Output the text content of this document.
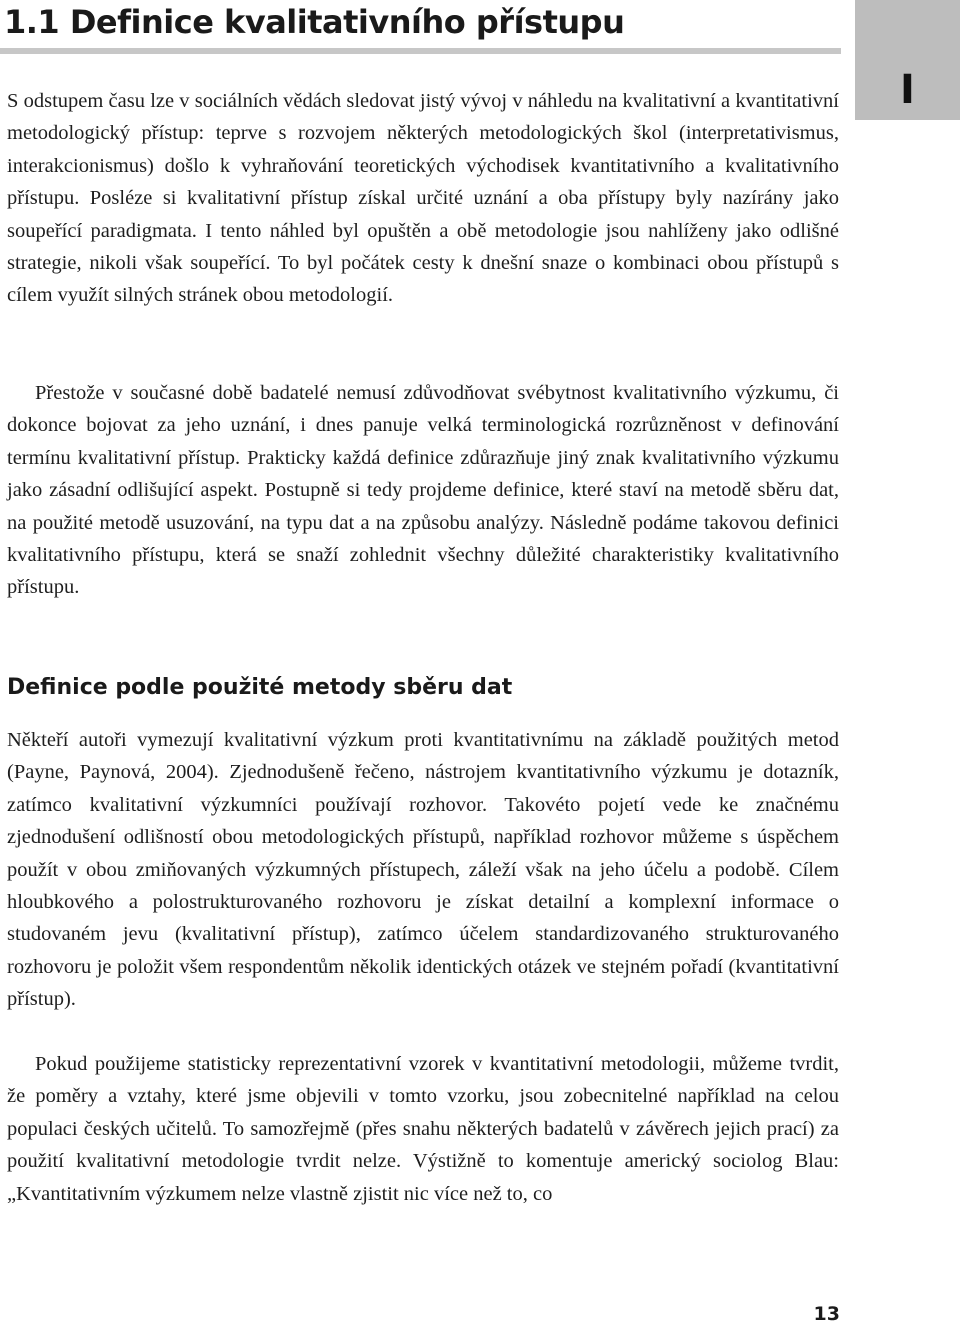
1.1 Definice kvalitativního přístupu
I

S odstupem času lze v sociálních vědách sledovat jistý vývoj v náhledu na kvalitativní a kvantitativní metodologický přístup: teprve s rozvojem některých metodologických škol (interpretativismus, interakcionismus) došlo k vyhraňování teoretických východisek kvantitativního a kvalitativního přístupu. Posléze si kvalitativní přístup získal určité uznání a oba přístupy byly nazírány jako soupeřící paradigmata. I tento náhled byl opuštěn a obě metodologie jsou nahlíženy jako odlišné strategie, nikoli však soupeřící. To byl počátek cesty k dnešní snaze o kombinaci obou přístupů s cílem využít silných stránek obou metodologií.

Přestože v současné době badatelé nemusí zdůvodňovat svébytnost kvalitativního výzkumu, či dokonce bojovat za jeho uznání, i dnes panuje velká terminologická rozrůzněnost v definování termínu kvalitativní přístup. Prakticky každá definice zdůrazňuje jiný znak kvalitativního výzkumu jako zásadní odlišující aspekt. Postupně si tedy projdeme definice, které staví na metodě sběru dat, na použité metodě usuzování, na typu dat a na způsobu analýzy. Následně podáme takovou definici kvalitativního přístupu, která se snaží zohlednit všechny důležité charakteristiky kvalitativního přístupu.

Definice podle použité metody sběru dat

Někteří autoři vymezují kvalitativní výzkum proti kvantitativnímu na základě použitých metod (Payne, Paynová, 2004). Zjednodušeně řečeno, nástrojem kvantitativního výzkumu je dotazník, zatímco kvalitativní výzkumníci používají rozhovor. Takovéto pojetí vede ke značnému zjednodušení odlišností obou metodologických přístupů, například rozhovor můžeme s úspěchem použít v obou zmiňovaných výzkumných přístupech, záleží však na jeho účelu a podobě. Cílem hloubkového a polostrukturovaného rozhovoru je získat detailní a komplexní informace o studovaném jevu (kvalitativní přístup), zatímco účelem standardizovaného strukturovaného rozhovoru je položit všem respondentům několik identických otázek ve stejném pořadí (kvantitativní přístup).

Pokud použijeme statisticky reprezentativní vzorek v kvantitativní metodologii, můžeme tvrdit, že poměry a vztahy, které jsme objevili v tomto vzorku, jsou zobecnitelné například na celou populaci českých učitelů. To samozřejmě (přes snahu některých badatelů v závěrech jejich prací) za použití kvalitativní metodologie tvrdit nelze. Výstižně to komentuje americký sociolog Blau: „Kvantitativním výzkumem nelze vlastně zjistit nic více než to, co

13
